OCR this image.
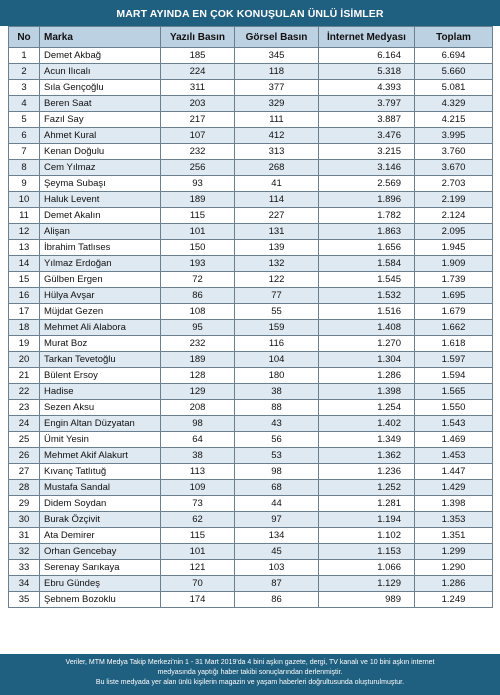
MART AYINDA EN ÇOK KONUŞULAN ÜNLÜ İSİMLER
No	Marka	Yazılı Basın	Görsel Basın	İnternet Medyası	Toplam
1	Demet Akbağ	185	345	6.164	6.694
2	Acun Ilıcalı	224	118	5.318	5.660
3	Sıla Gençoğlu	311	377	4.393	5.081
4	Beren Saat	203	329	3.797	4.329
5	Fazıl Say	217	111	3.887	4.215
6	Ahmet Kural	107	412	3.476	3.995
7	Kenan Doğulu	232	313	3.215	3.760
8	Cem Yılmaz	256	268	3.146	3.670
9	Şeyma Subaşı	93	41	2.569	2.703
10	Haluk Levent	189	114	1.896	2.199
11	Demet Akalın	115	227	1.782	2.124
12	Alişan	101	131	1.863	2.095
13	İbrahim Tatlıses	150	139	1.656	1.945
14	Yılmaz Erdoğan	193	132	1.584	1.909
15	Gülben Ergen	72	122	1.545	1.739
16	Hülya Avşar	86	77	1.532	1.695
17	Müjdat Gezen	108	55	1.516	1.679
18	Mehmet Ali Alabora	95	159	1.408	1.662
19	Murat Boz	232	116	1.270	1.618
20	Tarkan Tevetoğlu	189	104	1.304	1.597
21	Bülent Ersoy	128	180	1.286	1.594
22	Hadise	129	38	1.398	1.565
23	Sezen Aksu	208	88	1.254	1.550
24	Engin Altan Düzyatan	98	43	1.402	1.543
25	Ümit Yesin	64	56	1.349	1.469
26	Mehmet Akif Alakurt	38	53	1.362	1.453
27	Kıvanç Tatlıtuğ	113	98	1.236	1.447
28	Mustafa Sandal	109	68	1.252	1.429
29	Didem Soydan	73	44	1.281	1.398
30	Burak Özçivit	62	97	1.194	1.353
31	Ata Demirer	115	134	1.102	1.351
32	Orhan Gencebay	101	45	1.153	1.299
33	Serenay Sarıkaya	121	103	1.066	1.290
34	Ebru Gündeş	70	87	1.129	1.286
35	Şebnem Bozoklu	174	86	989	1.249

Veriler, MTM Medya Takip Merkezi'nin 1 - 31 Mart 2019'da 4 bini aşkın gazete, dergi, TV kanalı ve 10 bini aşkın internet

medyasında yaptığı haber takibi sonuçlarından derlenmiştir.

Bu liste medyada yer alan ünlü kişilerin magazin ve yaşam haberleri doğrultusunda oluşturulmuştur.
